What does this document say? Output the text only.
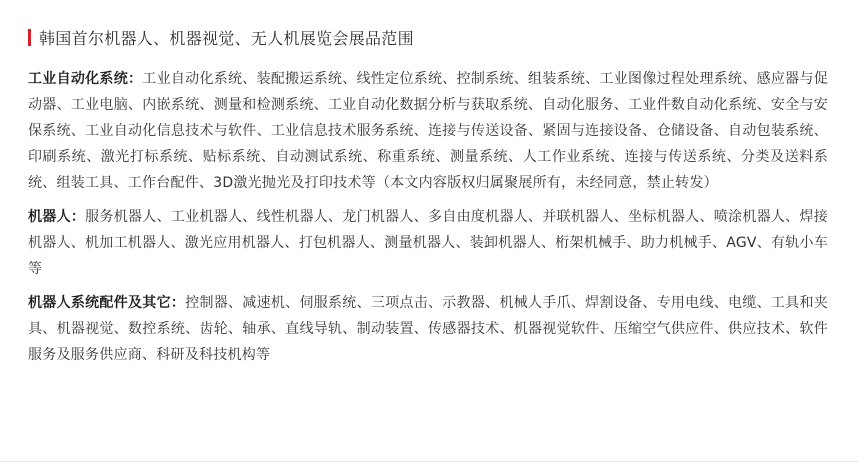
韩国首尔机器人、机器视觉、无人机展览会展品范围
工业自动化系统：工业自动化系统、装配搬运系统、线性定位系统、控制系统、组装系统、工业图像过程处理系统、感应器与促动器、工业电脑、内嵌系统、测量和检测系统、工业自动化数据分析与获取系统、自动化服务、工业件数自动化系统、安全与安保系统、工业自动化信息技术与软件、工业信息技术服务系统、连接与传送设备、紧固与连接设备、仓储设备、自动包装系统、印刷系统、激光打标系统、贴标系统、自动测试系统、称重系统、测量系统、人工作业系统、连接与传送系统、分类及送料系统、组装工具、工作台配件、3D激光抛光及打印技术等（本文内容版权归属聚展所有，未经同意，禁止转发）
机器人：服务机器人、工业机器人、线性机器人、龙门机器人、多自由度机器人、并联机器人、坐标机器人、喷涂机器人、焊接机器人、机加工机器人、激光应用机器人、打包机器人、测量机器人、装卸机器人、桁架机械手、助力机械手、AGV、有轨小车等
机器人系统配件及其它：控制器、减速机、伺服系统、三项点击、示教器、机械人手爪、焊割设备、专用电线、电缆、工具和夹具、机器视觉、数控系统、齿轮、轴承、直线导轨、制动装置、传感器技术、机器视觉软件、压缩空气供应件、供应技术、软件服务及服务供应商、科研及科技机构等
